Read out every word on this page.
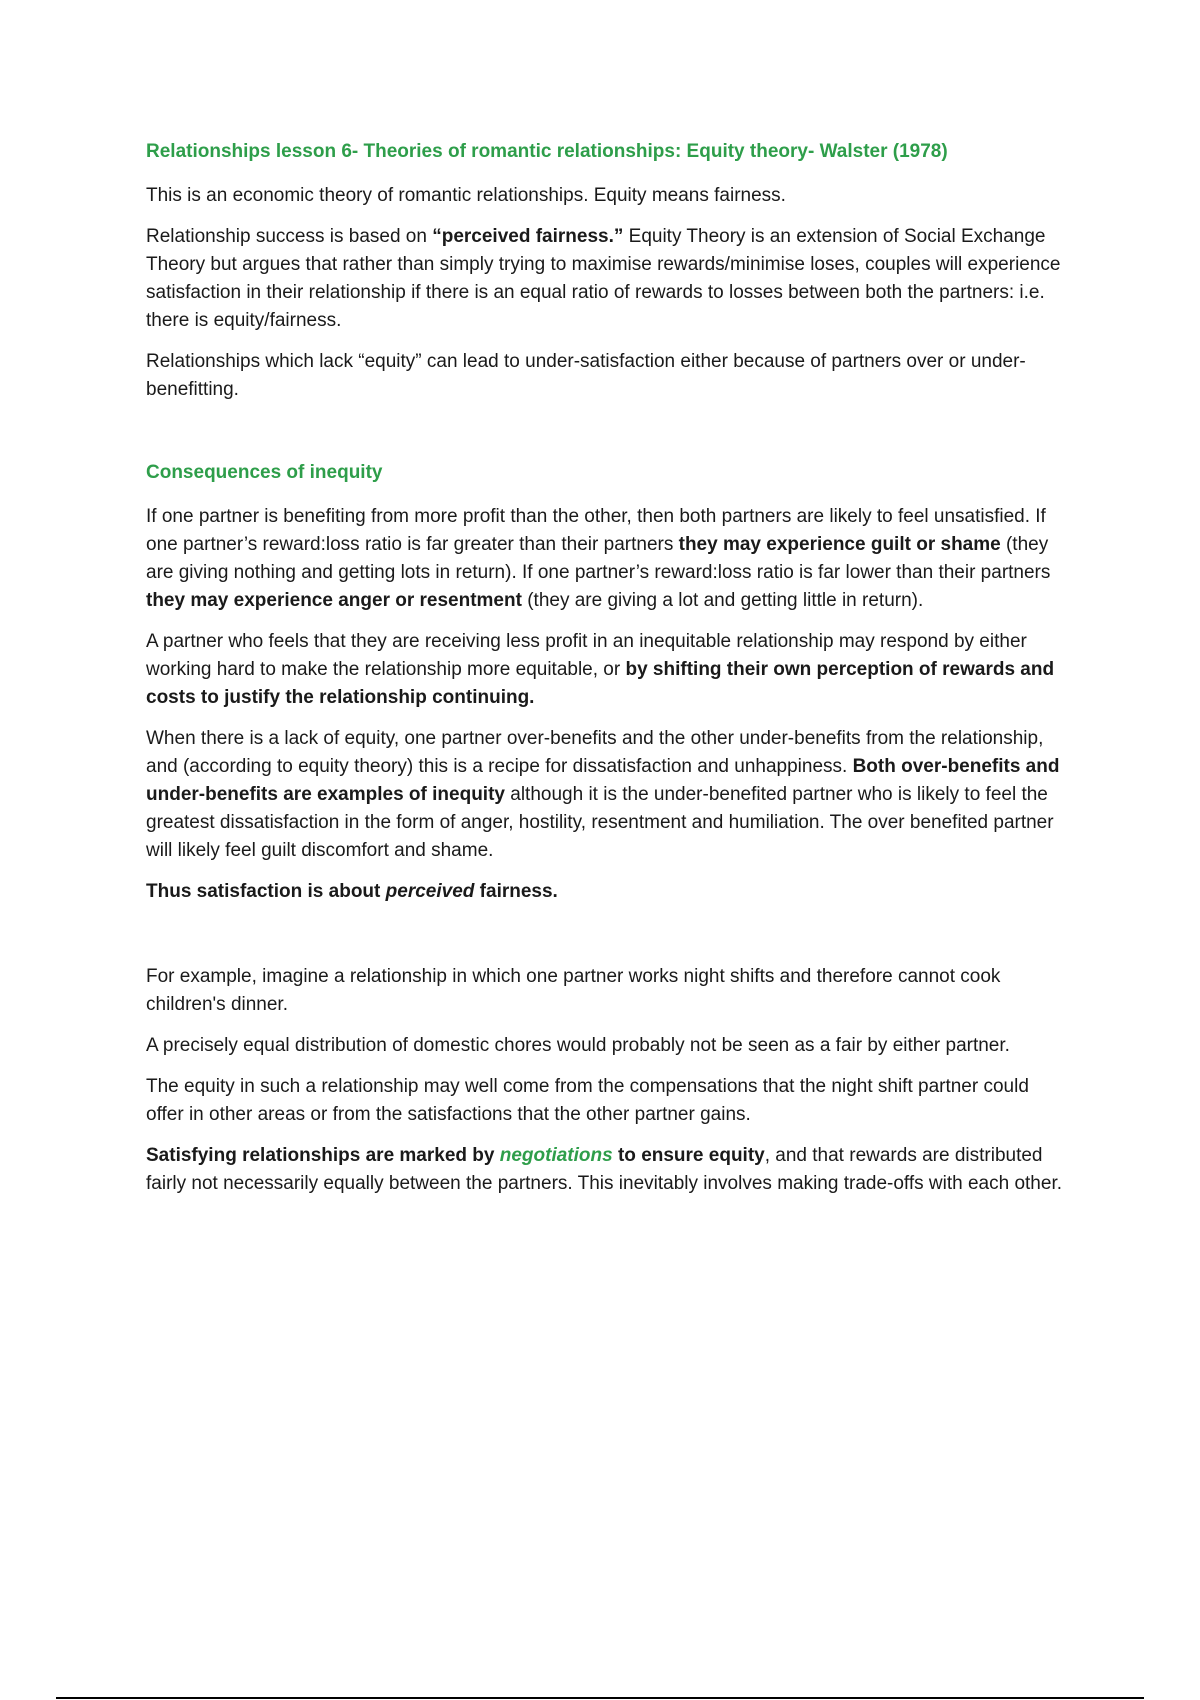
Relationships lesson 6- Theories of romantic relationships: Equity theory- Walster (1978)

This is an economic theory of romantic relationships. Equity means fairness.

Relationship success is based on “perceived fairness.” Equity Theory is an extension of Social Exchange Theory but argues that rather than simply trying to maximise rewards/minimise loses, couples will experience satisfaction in their relationship if there is an equal ratio of rewards to losses between both the partners: i.e. there is equity/fairness.

Relationships which lack “equity” can lead to under-satisfaction either because of partners over or under-benefitting.

Consequences of inequity

If one partner is benefiting from more profit than the other, then both partners are likely to feel unsatisfied. If one partner’s reward:loss ratio is far greater than their partners they may experience guilt or shame (they are giving nothing and getting lots in return). If one partner’s reward:loss ratio is far lower than their partners they may experience anger or resentment (they are giving a lot and getting little in return).

A partner who feels that they are receiving less profit in an inequitable relationship may respond by either working hard to make the relationship more equitable, or by shifting their own perception of rewards and costs to justify the relationship continuing.

When there is a lack of equity, one partner over-benefits and the other under-benefits from the relationship, and (according to equity theory) this is a recipe for dissatisfaction and unhappiness. Both over-benefits and under-benefits are examples of inequity although it is the under-benefited partner who is likely to feel the greatest dissatisfaction in the form of anger, hostility, resentment and humiliation. The over benefited partner will likely feel guilt discomfort and shame.

Thus satisfaction is about perceived fairness.

For example, imagine a relationship in which one partner works night shifts and therefore cannot cook children's dinner.

A precisely equal distribution of domestic chores would probably not be seen as a fair by either partner.

The equity in such a relationship may well come from the compensations that the night shift partner could offer in other areas or from the satisfactions that the other partner gains.

Satisfying relationships are marked by negotiations to ensure equity, and that rewards are distributed fairly not necessarily equally between the partners. This inevitably involves making trade-offs with each other.
